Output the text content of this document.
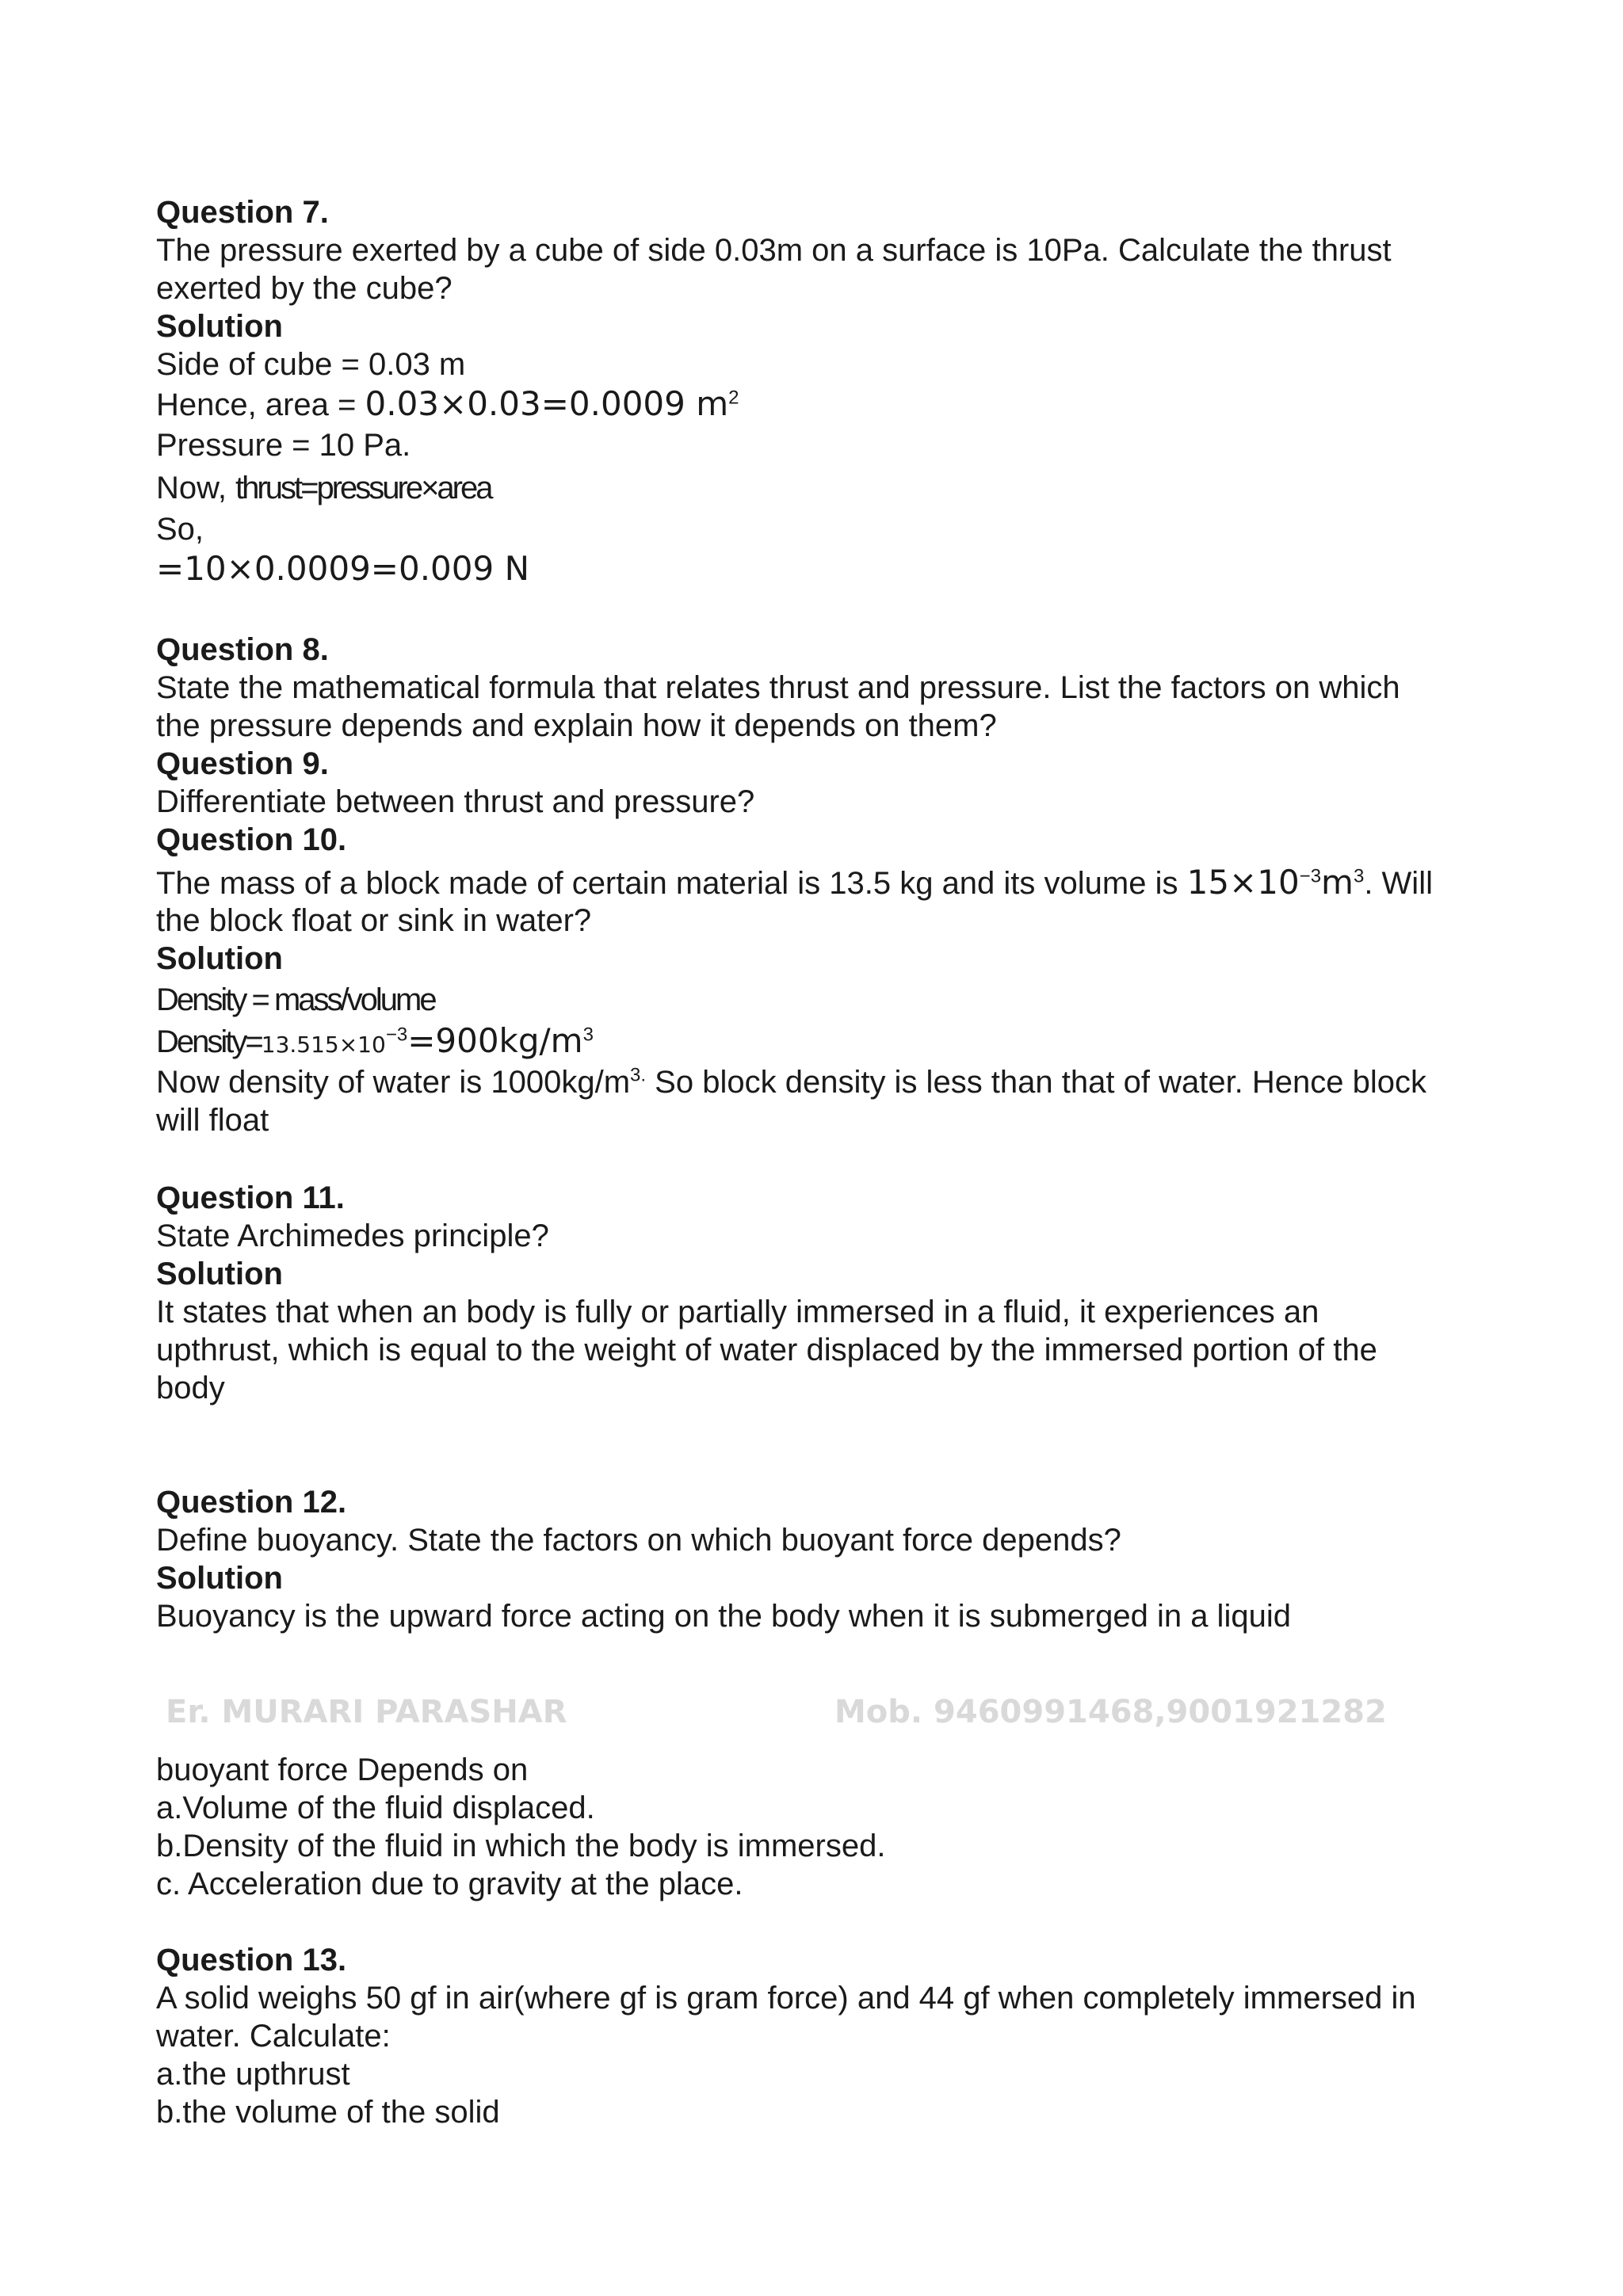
Question 7.
The pressure exerted by a cube of side 0.03m on a surface is 10Pa. Calculate the thrust
exerted by the cube?
Solution
Side of cube = 0.03 m
Hence, area = 0.03×0.03=0.0009 $m^2$
Pressure = 10 Pa.
Now, thrust=pressure×area
So,
=10×0.0009=0.009 N
Question 8.
State the mathematical formula that relates thrust and pressure. List the factors on which
the pressure depends and explain how it depends on them?
Question 9.
Differentiate between thrust and pressure?
Question 10.
The mass of a block made of certain material is 13.5 kg and its volume is $15\times 10^{-3}m^3$. Will
the block float or sink in water?
Solution
Density = mass/volume
$Density=13.515\times 10^{-3}=900kg/m^3$
Now density of water is $1000kg/m^{3.}$ So block density is less than that of water. Hence block
will float
Question 11.
State Archimedes principle?
Solution
It states that when an body is fully or partially immersed in a fluid, it experiences an
upthrust, which is equal to the weight of water displaced by the immersed portion of the
body
Question 12.
Define buoyancy. State the factors on which buoyant force depends?
Solution
Buoyancy is the upward force acting on the body when it is submerged in a liquid
buoyant force Depends on
a.Volume of the fluid displaced.
b.Density of the fluid in which the body is immersed.
c. Acceleration due to gravity at the place.
Question 13.
A solid weighs 50 gf in air(where gf is gram force) and 44 gf when completely immersed in
water. Calculate:
a.the upthrust
b.the volume of the solid
Er. MURARI PARASHAR	Mob. 9460991468,9001921282
